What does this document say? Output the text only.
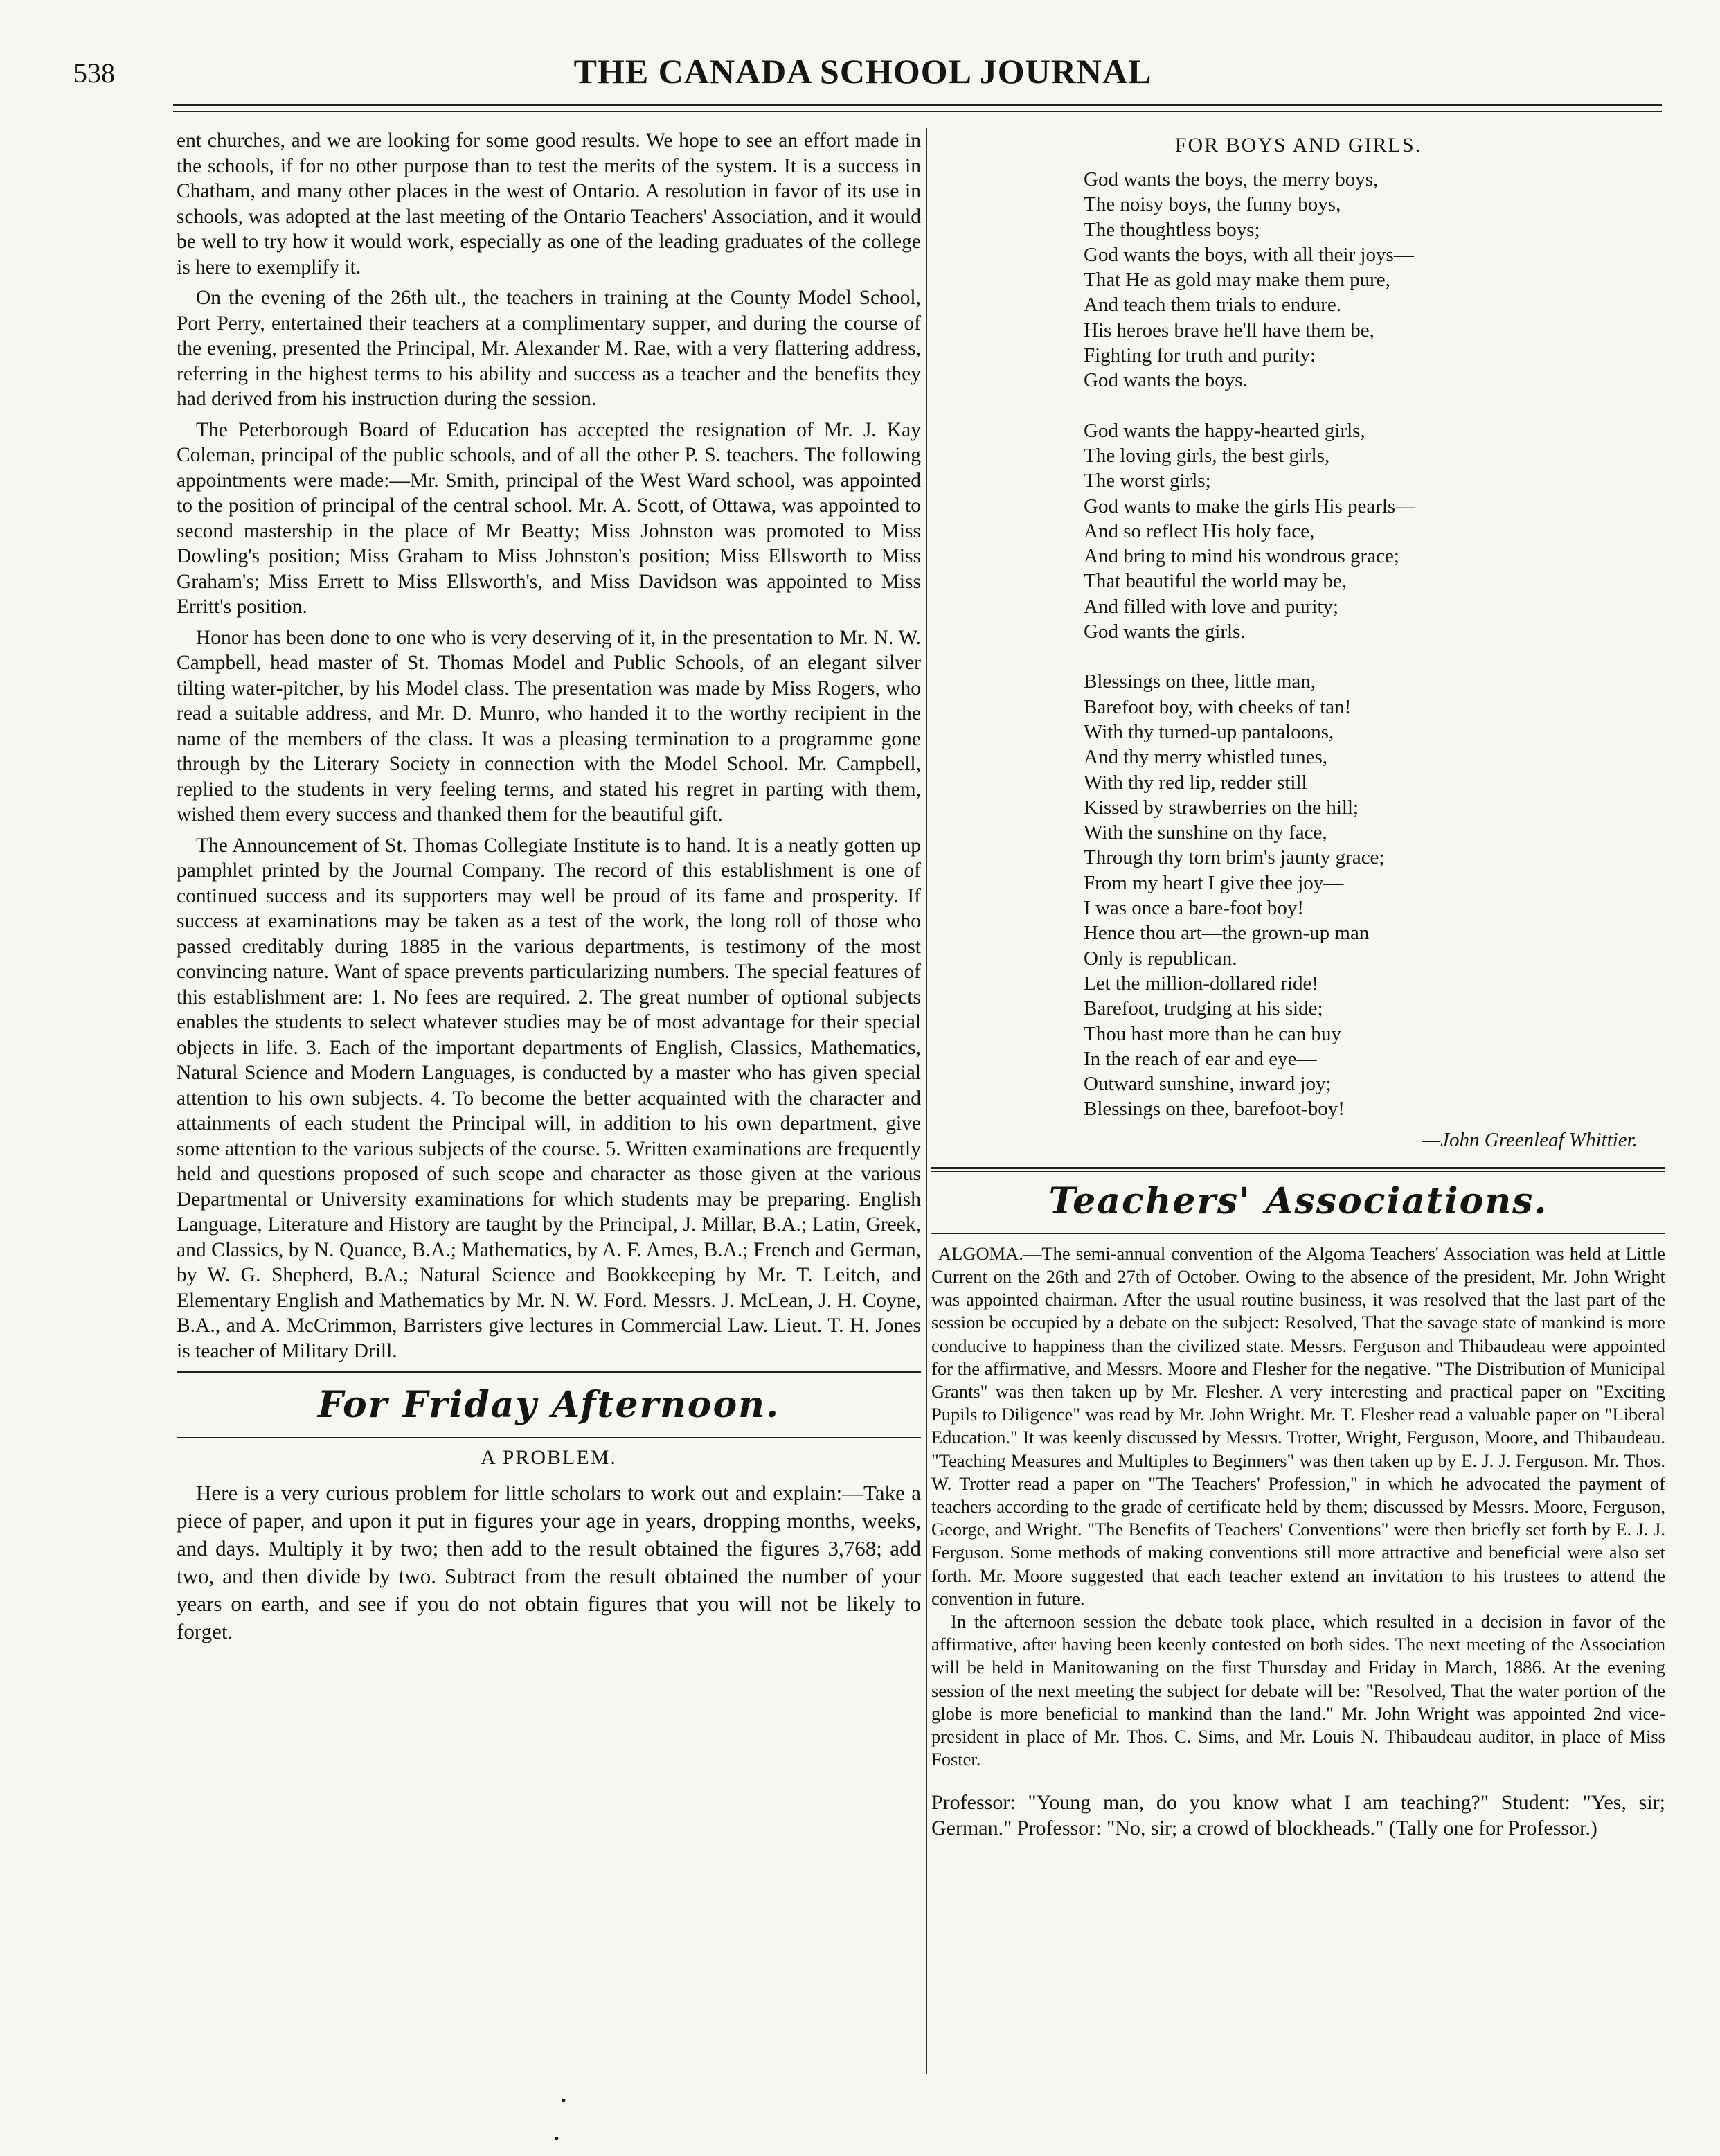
538	THE CANADA SCHOOL JOURNAL

ent churches, and we are looking for some good results. We hope to see an effort made in the schools, if for no other purpose than to test the merits of the system. It is a success in Chatham, and many other places in the west of Ontario. A resolution in favor of its use in schools, was adopted at the last meeting of the Ontario Teachers' Association, and it would be well to try how it would work, especially as one of the leading graduates of the college is here to exemplify it.

On the evening of the 26th ult., the teachers in training at the County Model School, Port Perry, entertained their teachers at a complimentary supper, and during the course of the evening, presented the Principal, Mr. Alexander M. Rae, with a very flattering address, referring in the highest terms to his ability and success as a teacher and the benefits they had derived from his instruction during the session.

The Peterborough Board of Education has accepted the resignation of Mr. J. Kay Coleman, principal of the public schools, and of all the other P. S. teachers. The following appointments were made:—Mr. Smith, principal of the West Ward school, was appointed to the position of principal of the central school. Mr. A. Scott, of Ottawa, was appointed to second mastership in the place of Mr Beatty; Miss Johnston was promoted to Miss Dowling's position; Miss Graham to Miss Johnston's position; Miss Ellsworth to Miss Graham's; Miss Errett to Miss Ellsworth's, and Miss Davidson was appointed to Miss Erritt's position.

Honor has been done to one who is very deserving of it, in the presentation to Mr. N. W. Campbell, head master of St. Thomas Model and Public Schools, of an elegant silver tilting water-pitcher, by his Model class. The presentation was made by Miss Rogers, who read a suitable address, and Mr. D. Munro, who handed it to the worthy recipient in the name of the members of the class. It was a pleasing termination to a programme gone through by the Literary Society in connection with the Model School. Mr. Campbell, replied to the students in very feeling terms, and stated his regret in parting with them, wished them every success and thanked them for the beautiful gift.

The Announcement of St. Thomas Collegiate Institute is to hand. It is a neatly gotten up pamphlet printed by the Journal Company. The record of this establishment is one of continued success and its supporters may well be proud of its fame and prosperity. If success at examinations may be taken as a test of the work, the long roll of those who passed creditably during 1885 in the various departments, is testimony of the most convincing nature. Want of space prevents particularizing numbers. The special features of this establishment are: 1. No fees are required. 2. The great number of optional subjects enables the students to select whatever studies may be of most advantage for their special objects in life. 3. Each of the important departments of English, Classics, Mathematics, Natural Science and Modern Languages, is conducted by a master who has given special attention to his own subjects. 4. To become the better acquainted with the character and attainments of each student the Principal will, in addition to his own department, give some attention to the various subjects of the course. 5. Written examinations are frequently held and questions proposed of such scope and character as those given at the various Departmental or University examinations for which students may be preparing. English Language, Literature and History are taught by the Principal, J. Millar, B.A.; Latin, Greek, and Classics, by N. Quance, B.A.; Mathematics, by A. F. Ames, B.A.; French and German, by W. G. Shepherd, B.A.; Natural Science and Bookkeeping by Mr. T. Leitch, and Elementary English and Mathematics by Mr. N. W. Ford. Messrs. J. McLean, J. H. Coyne, B.A., and A. McCrimmon, Barristers give lectures in Commercial Law. Lieut. T. H. Jones is teacher of Military Drill.

For Friday Afternoon.
A PROBLEM.

Here is a very curious problem for little scholars to work out and explain:—Take a piece of paper, and upon it put in figures your age in years, dropping months, weeks, and days. Multiply it by two; then add to the result obtained the figures 3,768; add two, and then divide by two. Subtract from the result obtained the number of your years on earth, and see if you do not obtain figures that you will not be likely to forget.

FOR BOYS AND GIRLS.
God wants the boys, the merry boys,
The noisy boys, the funny boys,
The thoughtless boys;
God wants the boys, with all their joys—
That He as gold may make them pure,
And teach them trials to endure.
His heroes brave he'll have them be,
Fighting for truth and purity:
God wants the boys.
God wants the happy-hearted girls,
The loving girls, the best girls,
The worst girls;
God wants to make the girls His pearls—
And so reflect His holy face,
And bring to mind his wondrous grace;
That beautiful the world may be,
And filled with love and purity;
God wants the girls.
Blessings on thee, little man,
Barefoot boy, with cheeks of tan!
With thy turned-up pantaloons,
And thy merry whistled tunes,
With thy red lip, redder still
Kissed by strawberries on the hill;
With the sunshine on thy face,
Through thy torn brim's jaunty grace;
From my heart I give thee joy—
I was once a bare-foot boy!
Hence thou art—the grown-up man
Only is republican.
Let the million-dollared ride!
Barefoot, trudging at his side;
Thou hast more than he can buy
In the reach of ear and eye—
Outward sunshine, inward joy;
Blessings on thee, barefoot-boy!
—John Greenleaf Whittier.
Teachers' Associations.

ALGOMA.—The semi-annual convention of the Algoma Teachers' Association was held at Little Current on the 26th and 27th of October. Owing to the absence of the president, Mr. John Wright was appointed chairman. After the usual routine business, it was resolved that the last part of the session be occupied by a debate on the subject: Resolved, That the savage state of mankind is more conducive to happiness than the civilized state. Messrs. Ferguson and Thibaudeau were appointed for the affirmative, and Messrs. Moore and Flesher for the negative. "The Distribution of Municipal Grants" was then taken up by Mr. Flesher. A very interesting and practical paper on "Exciting Pupils to Diligence" was read by Mr. John Wright. Mr. T. Flesher read a valuable paper on "Liberal Education." It was keenly discussed by Messrs. Trotter, Wright, Ferguson, Moore, and Thibaudeau. "Teaching Measures and Multiples to Beginners" was then taken up by E. J. J. Ferguson. Mr. Thos. W. Trotter read a paper on "The Teachers' Profession," in which he advocated the payment of teachers according to the grade of certificate held by them; discussed by Messrs. Moore, Ferguson, George, and Wright. "The Benefits of Teachers' Conventions" were then briefly set forth by E. J. J. Ferguson. Some methods of making conventions still more attractive and beneficial were also set forth. Mr. Moore suggested that each teacher extend an invitation to his trustees to attend the convention in future.

In the afternoon session the debate took place, which resulted in a decision in favor of the affirmative, after having been keenly contested on both sides. The next meeting of the Association will be held in Manitowaning on the first Thursday and Friday in March, 1886. At the evening session of the next meeting the subject for debate will be: "Resolved, That the water portion of the globe is more beneficial to mankind than the land." Mr. John Wright was appointed 2nd vice-president in place of Mr. Thos. C. Sims, and Mr. Louis N. Thibaudeau auditor, in place of Miss Foster.

Professor: "Young man, do you know what I am teaching?" Student: "Yes, sir; German." Professor: "No, sir; a crowd of blockheads." (Tally one for Professor.)

•
•
